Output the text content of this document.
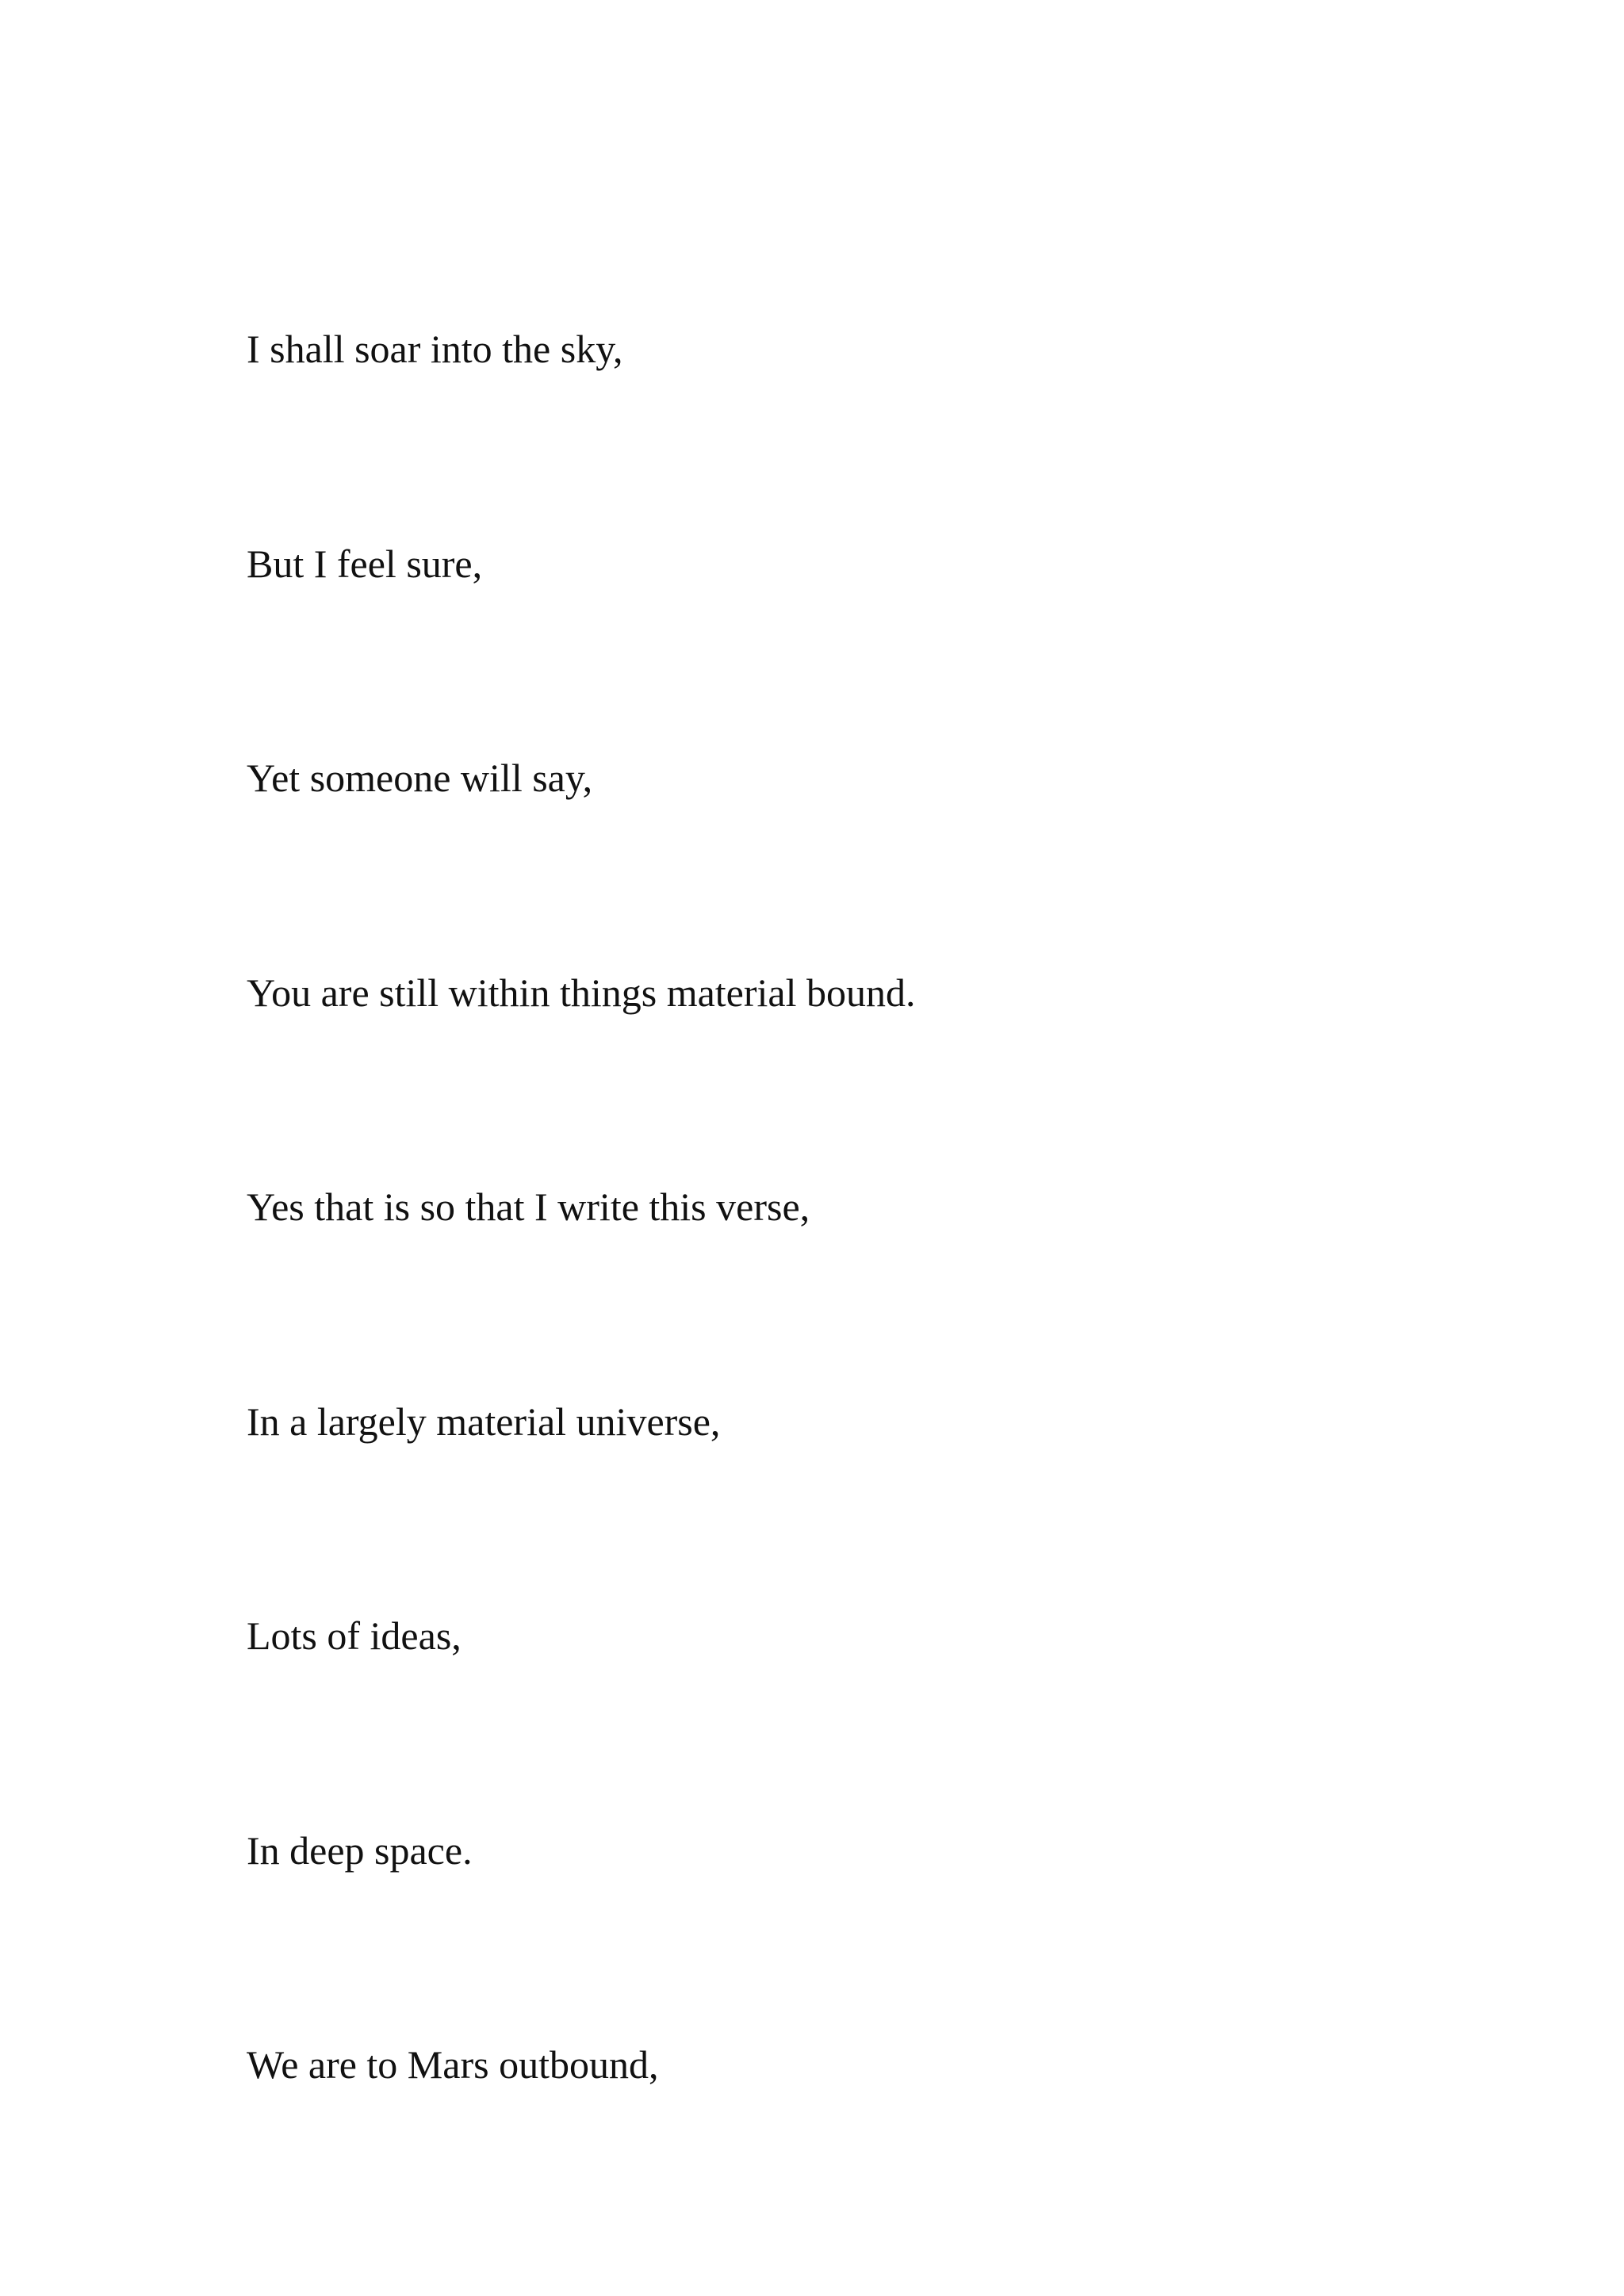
I shall soar into the sky,

But I feel sure,

Yet someone will say,

You are still within things material bound.

Yes that is so that I write this verse,

In a largely material universe,

Lots of ideas,

In deep space.

We are to Mars outbound,
